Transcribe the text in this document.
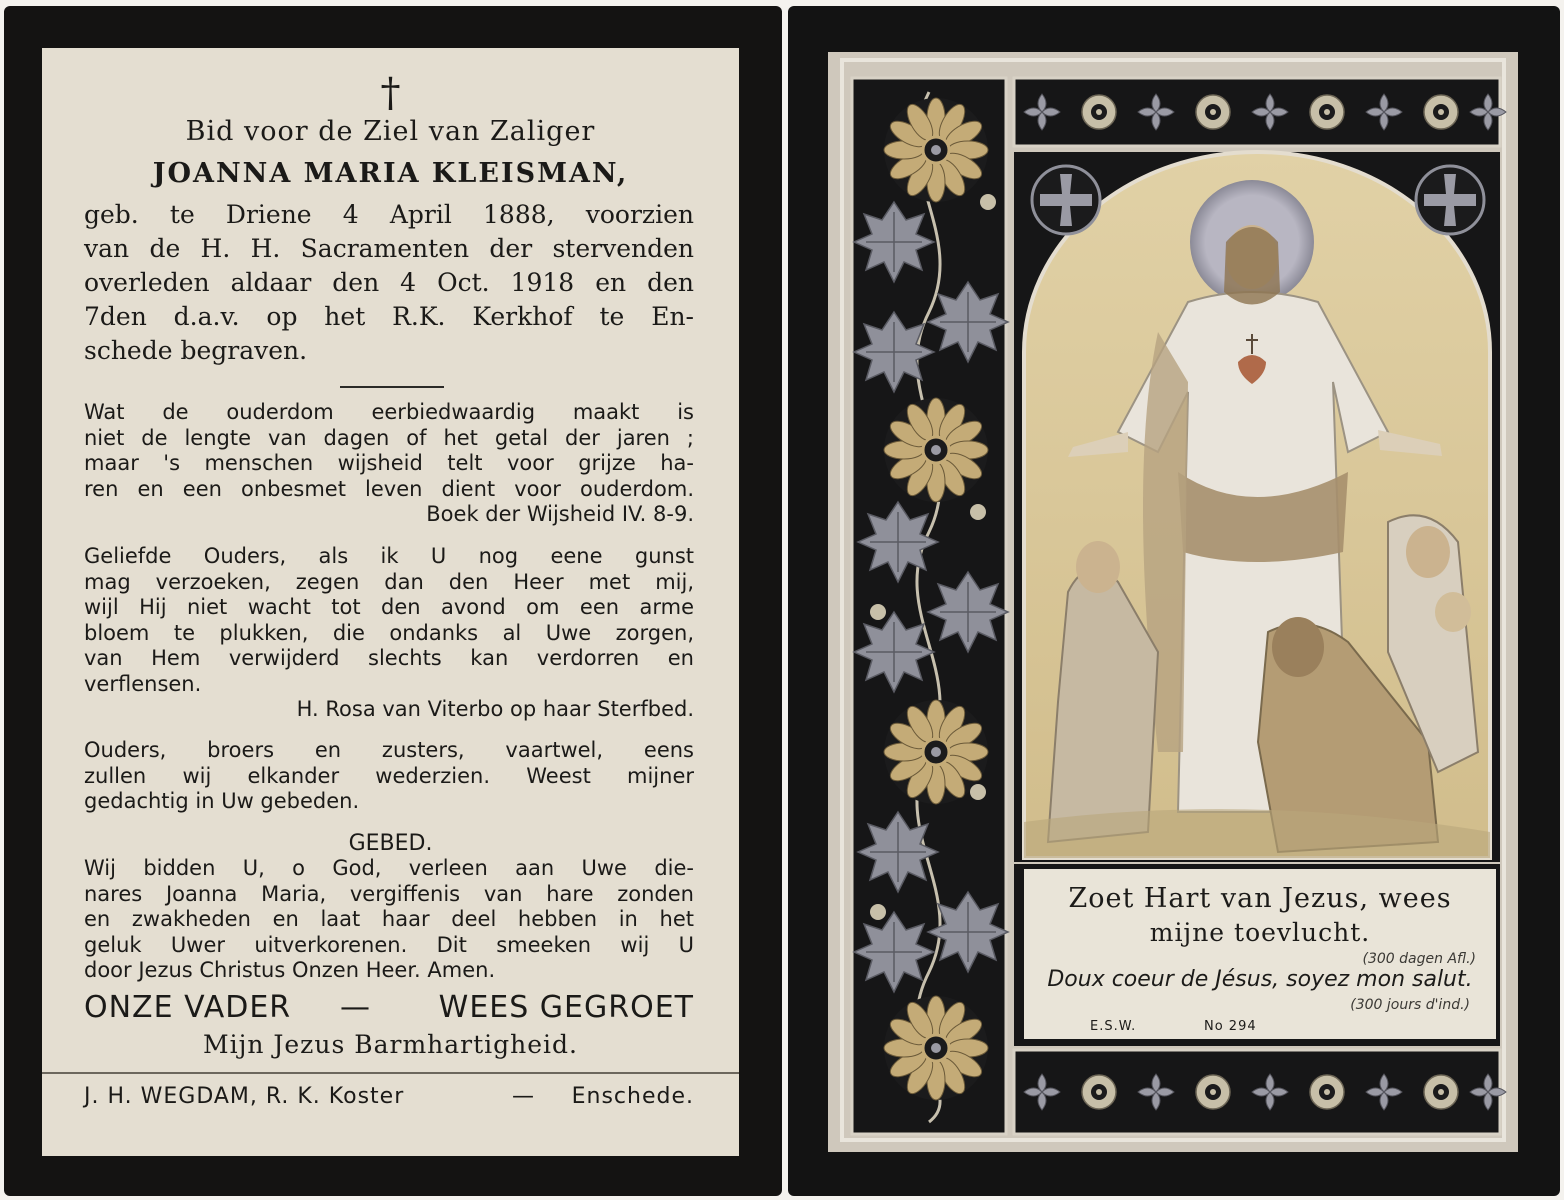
†
Bid voor de Ziel van Zaliger
JOANNA MARIA KLEISMAN,
geb. te Driene 4 April 1888, voorzien
van de H. H. Sacramenten der stervenden
overleden aldaar den 4 Oct. 1918 en den
7den d.a.v. op het R.K. Kerkhof te En-
schede begraven.
Wat de ouderdom eerbiedwaardig maakt is
niet de lengte van dagen of het getal der jaren ;
maar 's menschen wijsheid telt voor grijze ha-
ren en een onbesmet leven dient voor ouderdom.
Boek der Wijsheid IV. 8-9.
Geliefde Ouders, als ik U nog eene gunst
mag verzoeken, zegen dan den Heer met mij,
wijl Hij niet wacht tot den avond om een arme
bloem te plukken, die ondanks al Uwe zorgen,
van Hem verwijderd slechts kan verdorren en
verflensen.
H. Rosa van Viterbo op haar Sterfbed.
Ouders, broers en zusters, vaartwel, eens
zullen wij elkander wederzien. Weest mijner
gedachtig in Uw gebeden.
GEBED.
Wij bidden U, o God, verleen aan Uwe die-
nares Joanna Maria, vergiffenis van hare zonden
en zwakheden en laat haar deel hebben in het
geluk Uwer uitverkorenen. Dit smeeken wij U
door Jezus Christus Onzen Heer. Amen.
ONZE VADER — WEES GEGROET
Mijn Jezus Barmhartigheid.
J. H. WEGDAM, R. K. Koster	— Enschede.
Zoet Hart van Jezus, wees
mijne toevlucht.
(300 dagen Afl.)
Doux coeur de Jésus, soyez mon salut.
(300 jours d'ind.)
E.S.W.	No 294
